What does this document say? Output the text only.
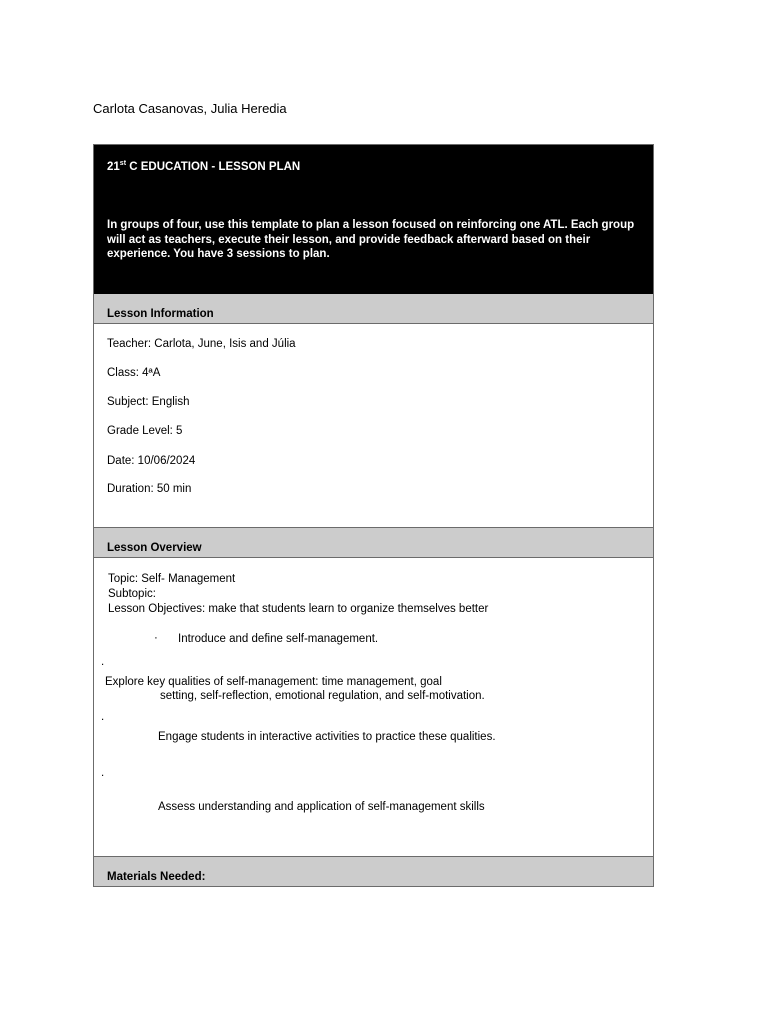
Carlota Casanovas, Julia Heredia
21st C EDUCATION - LESSON PLAN
In groups of four, use this template to plan a lesson focused on reinforcing one ATL. Each group
will act as teachers, execute their lesson, and provide feedback afterward based on their
experience. You have 3 sessions to plan.
Lesson Information
Teacher: Carlota, June, Isis and Júlia
Class: 4ªA
Subject: English
Grade Level: 5
Date: 10/06/2024
Duration: 50 min
Lesson Overview
Topic: Self- Management
Subtopic:
Lesson Objectives: make that students learn to organize themselves better
· Introduce and define self-management.
.
Explore key qualities of self-management: time management, goal
setting, self-reflection, emotional regulation, and self-motivation.
.
Engage students in interactive activities to practice these qualities.
.
Assess understanding and application of self-management skills
Materials Needed:
